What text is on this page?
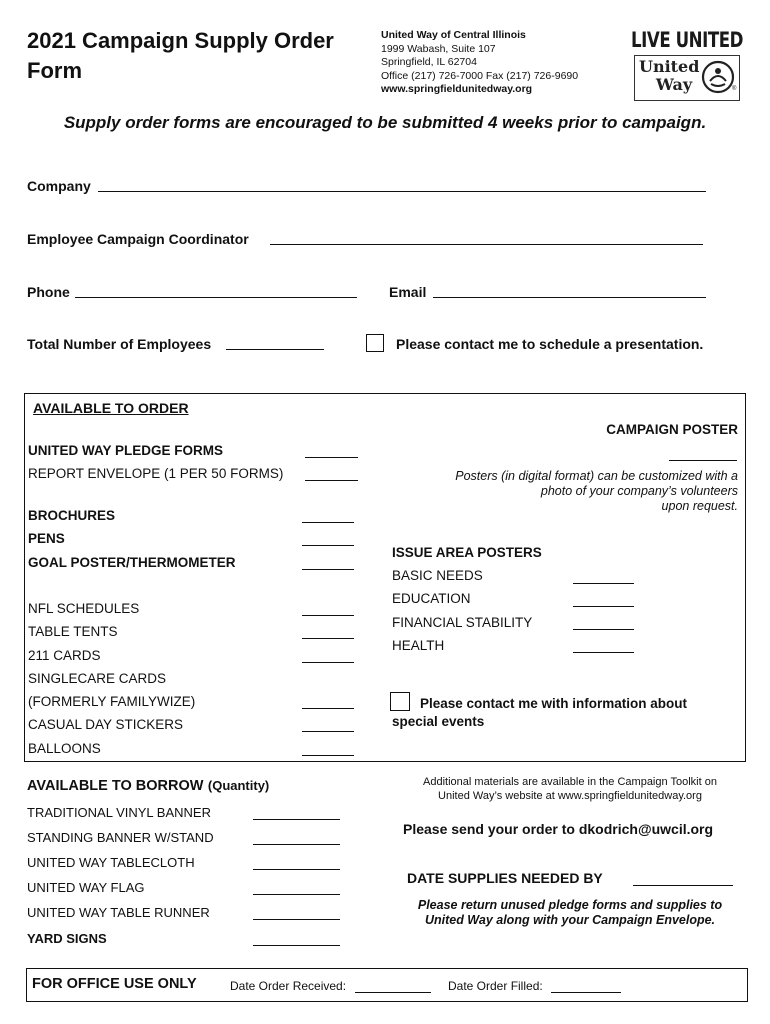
2021 Campaign Supply Order Form
United Way of Central Illinois
1999 Wabash, Suite 107
Springfield, IL 62704
Office (217) 726-7000 Fax (217) 726-9690
www.springfieldunitedway.org
LIVE UNITED
United
Way	®
Supply order forms are encouraged to be submitted 4 weeks prior to campaign.
Company
Employee Campaign Coordinator
Phone	Email
Total Number of Employees	Please contact me to schedule a presentation.
AVAILABLE TO ORDER
UNITED WAY PLEDGE FORMS
REPORT ENVELOPE (1 PER 50 FORMS)
BROCHURES
PENS
GOAL POSTER/THERMOMETER
NFL SCHEDULES
TABLE TENTS
211 CARDS
SINGLECARE CARDS
(FORMERLY FAMILYWIZE)
CASUAL DAY STICKERS
BALLOONS
CAMPAIGN POSTER
Posters (in digital format) can be customized with a
photo of your company’s volunteers
upon request.
ISSUE AREA POSTERS
BASIC NEEDS
EDUCATION
FINANCIAL STABILITY
HEALTH
Please contact me with information about
special events
AVAILABLE TO BORROW (Quantity)
TRADITIONAL VINYL BANNER
STANDING BANNER W/STAND
UNITED WAY TABLECLOTH
UNITED WAY FLAG
UNITED WAY TABLE RUNNER
YARD SIGNS
Additional materials are available in the Campaign Toolkit on
United Way’s website at www.springfieldunitedway.org
Please send your order to dkodrich@uwcil.org
DATE SUPPLIES NEEDED BY
Please return unused pledge forms and supplies to
United Way along with your Campaign Envelope.
FOR OFFICE USE ONLY	Date Order Received:	Date Order Filled:
